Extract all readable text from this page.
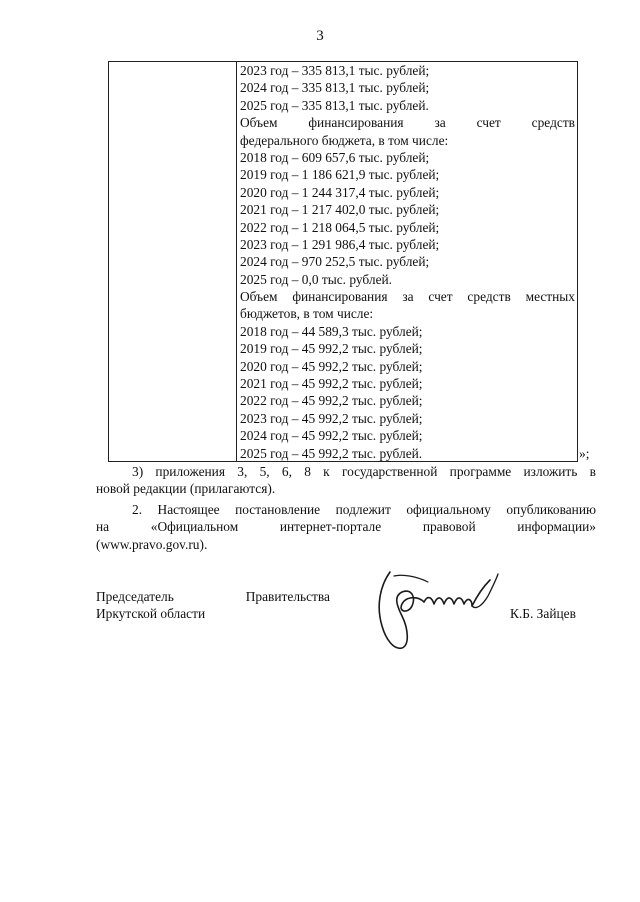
3
2023 год – 335 813,1 тыс. рублей;
2024 год – 335 813,1 тыс. рублей;
2025 год – 335 813,1 тыс. рублей.
Объем финансирования за счет средств
федерального бюджета, в том числе:
2018 год – 609 657,6 тыс. рублей;
2019 год – 1 186 621,9 тыс. рублей;
2020 год – 1 244 317,4 тыс. рублей;
2021 год – 1 217 402,0 тыс. рублей;
2022 год – 1 218 064,5 тыс. рублей;
2023 год – 1 291 986,4 тыс. рублей;
2024 год – 970 252,5 тыс. рублей;
2025 год – 0,0 тыс. рублей.
Объем финансирования за счет средств местных
бюджетов, в том числе:
2018 год – 44 589,3 тыс. рублей;
2019 год – 45 992,2 тыс. рублей;
2020 год – 45 992,2 тыс. рублей;
2021 год – 45 992,2 тыс. рублей;
2022 год – 45 992,2 тыс. рублей;
2023 год – 45 992,2 тыс. рублей;
2024 год – 45 992,2 тыс. рублей;
2025 год – 45 992,2 тыс. рублей.	»;
3) приложения 3, 5, 6, 8 к государственной программе изложить в
новой редакции (прилагаются).
2. Настоящее постановление подлежит официальному опубликованию
на «Официальном интернет-портале правовой информации»
(www.pravo.gov.ru).
Председатель Правительства
Иркутской области	К.Б. Зайцев
